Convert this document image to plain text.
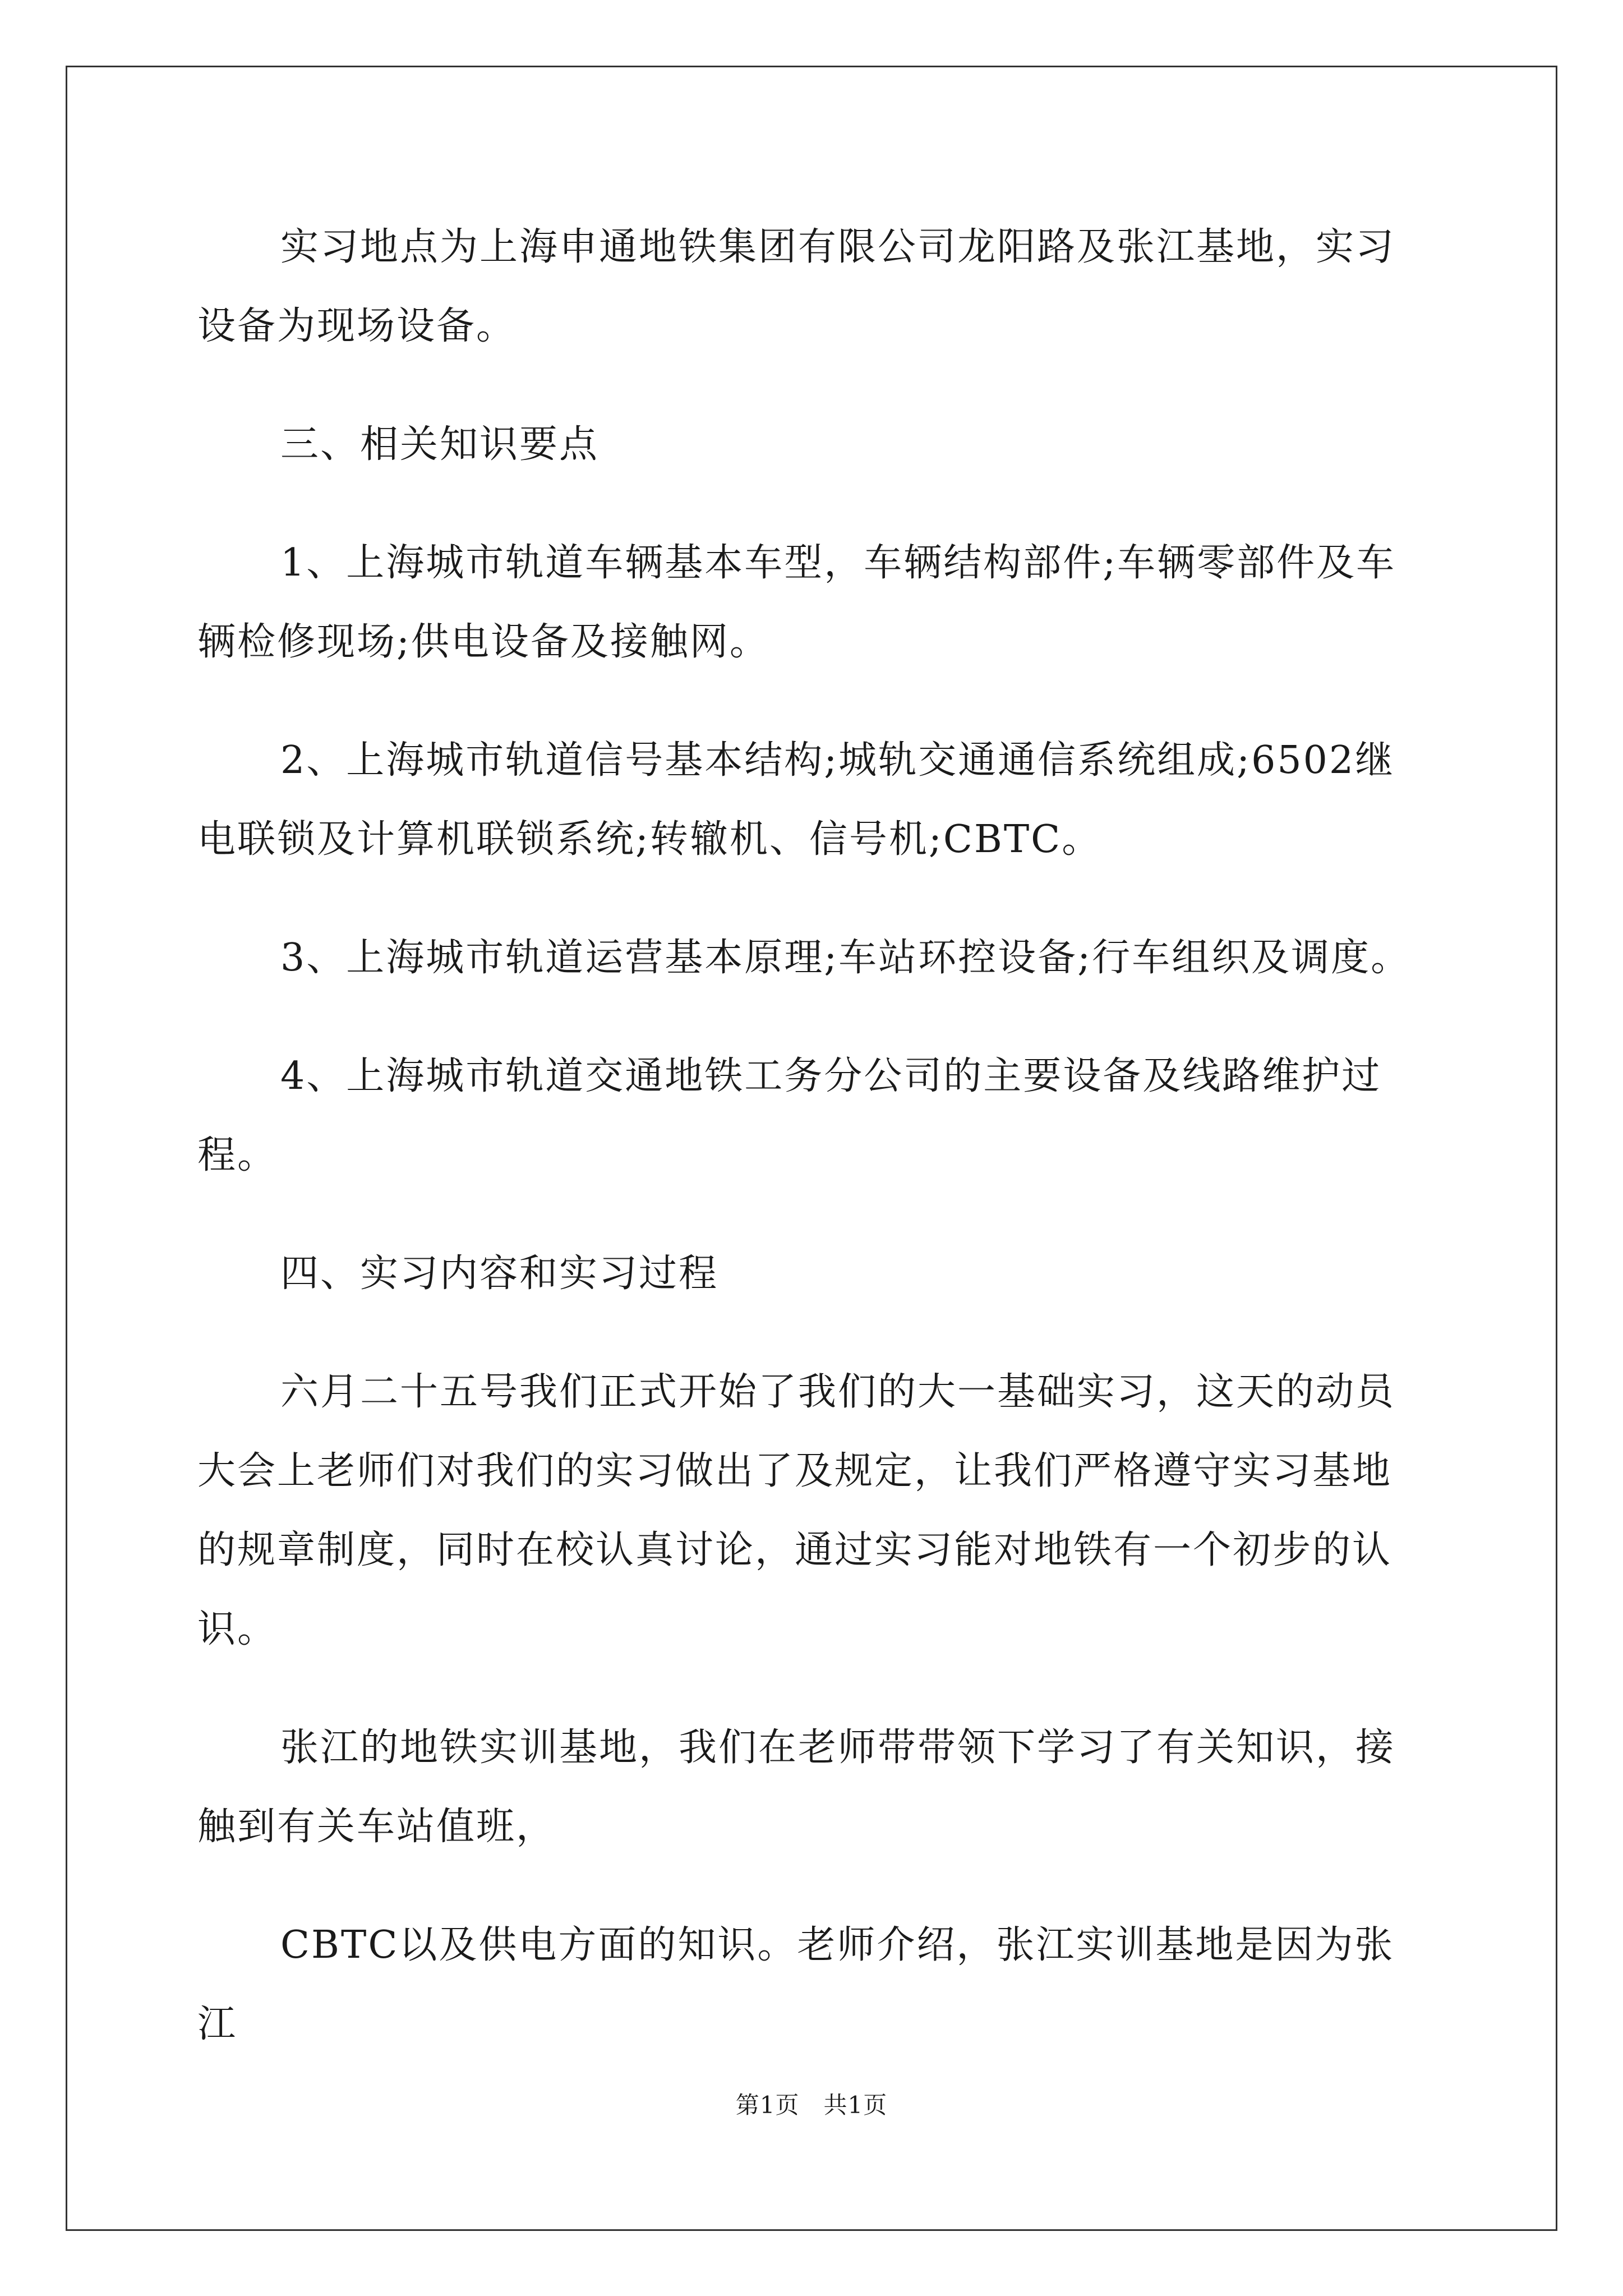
实习地点为上海申通地铁集团有限公司龙阳路及张江基地，实习设备为现场设备。

三、相关知识要点

1、上海城市轨道车辆基本车型，车辆结构部件;车辆零部件及车辆检修现场;供电设备及接触网。

2、上海城市轨道信号基本结构;城轨交通通信系统组成;6502继电联锁及计算机联锁系统;转辙机、信号机;CBTC。

3、上海城市轨道运营基本原理;车站环控设备;行车组织及调度。

4、上海城市轨道交通地铁工务分公司的主要设备及线路维护过程。

四、实习内容和实习过程

六月二十五号我们正式开始了我们的大一基础实习，这天的动员大会上老师们对我们的实习做出了及规定，让我们严格遵守实习基地的规章制度，同时在校认真讨论，通过实习能对地铁有一个初步的认识。

张江的地铁实训基地，我们在老师带带领下学习了有关知识，接触到有关车站值班，

CBTC以及供电方面的知识。老师介绍，张江实训基地是因为张江

第1页　共1页
